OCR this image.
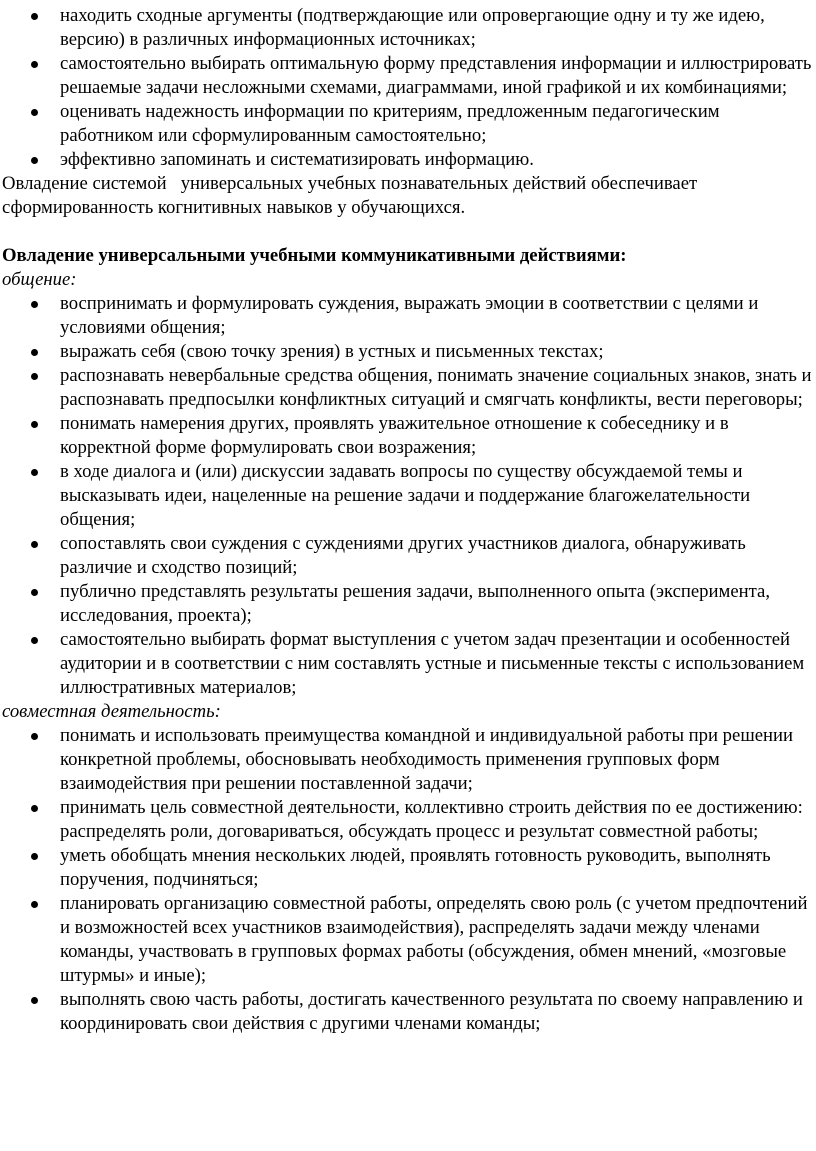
находить сходные аргументы (подтверждающие или опровергающие одну и ту же идею, версию) в различных информационных источниках;
самостоятельно выбирать оптимальную форму представления информации и иллюстрировать решаемые задачи несложными схемами, диаграммами, иной графикой и их комбинациями;
оценивать надежность информации по критериям, предложенным педагогическим работником или сформулированным самостоятельно;
эффективно запоминать и систематизировать информацию.

Овладение системой   универсальных учебных познавательных действий обеспечивает сформированность когнитивных навыков у обучающихся.

Овладение универсальными учебными коммуникативными действиями:

общение:

воспринимать и формулировать суждения, выражать эмоции в соответствии с целями и условиями общения;
выражать себя (свою точку зрения) в устных и письменных текстах;
распознавать невербальные средства общения, понимать значение социальных знаков, знать и распознавать предпосылки конфликтных ситуаций и смягчать конфликты, вести переговоры;
понимать намерения других, проявлять уважительное отношение к собеседнику и в корректной форме формулировать свои возражения;
в ходе диалога и (или) дискуссии задавать вопросы по существу обсуждаемой темы и высказывать идеи, нацеленные на решение задачи и поддержание благожелательности общения;
сопоставлять свои суждения с суждениями других участников диалога, обнаруживать различие и сходство позиций;
публично представлять результаты решения задачи, выполненного опыта (эксперимента, исследования, проекта);
самостоятельно выбирать формат выступления с учетом задач презентации и особенностей аудитории и в соответствии с ним составлять устные и письменные тексты с использованием иллюстративных материалов;

совместная деятельность:

понимать и использовать преимущества командной и индивидуальной работы при решении конкретной проблемы, обосновывать необходимость применения групповых форм взаимодействия при решении поставленной задачи;
принимать цель совместной деятельности, коллективно строить действия по ее достижению: распределять роли, договариваться, обсуждать процесс и результат совместной работы;
уметь обобщать мнения нескольких людей, проявлять готовность руководить, выполнять поручения, подчиняться;
планировать организацию совместной работы, определять свою роль (с учетом предпочтений и возможностей всех участников взаимодействия), распределять задачи между членами команды, участвовать в групповых формах работы (обсуждения, обмен мнений, «мозговые штурмы» и иные);
выполнять свою часть работы, достигать качественного результата по своему направлению и координировать свои действия с другими членами команды;
